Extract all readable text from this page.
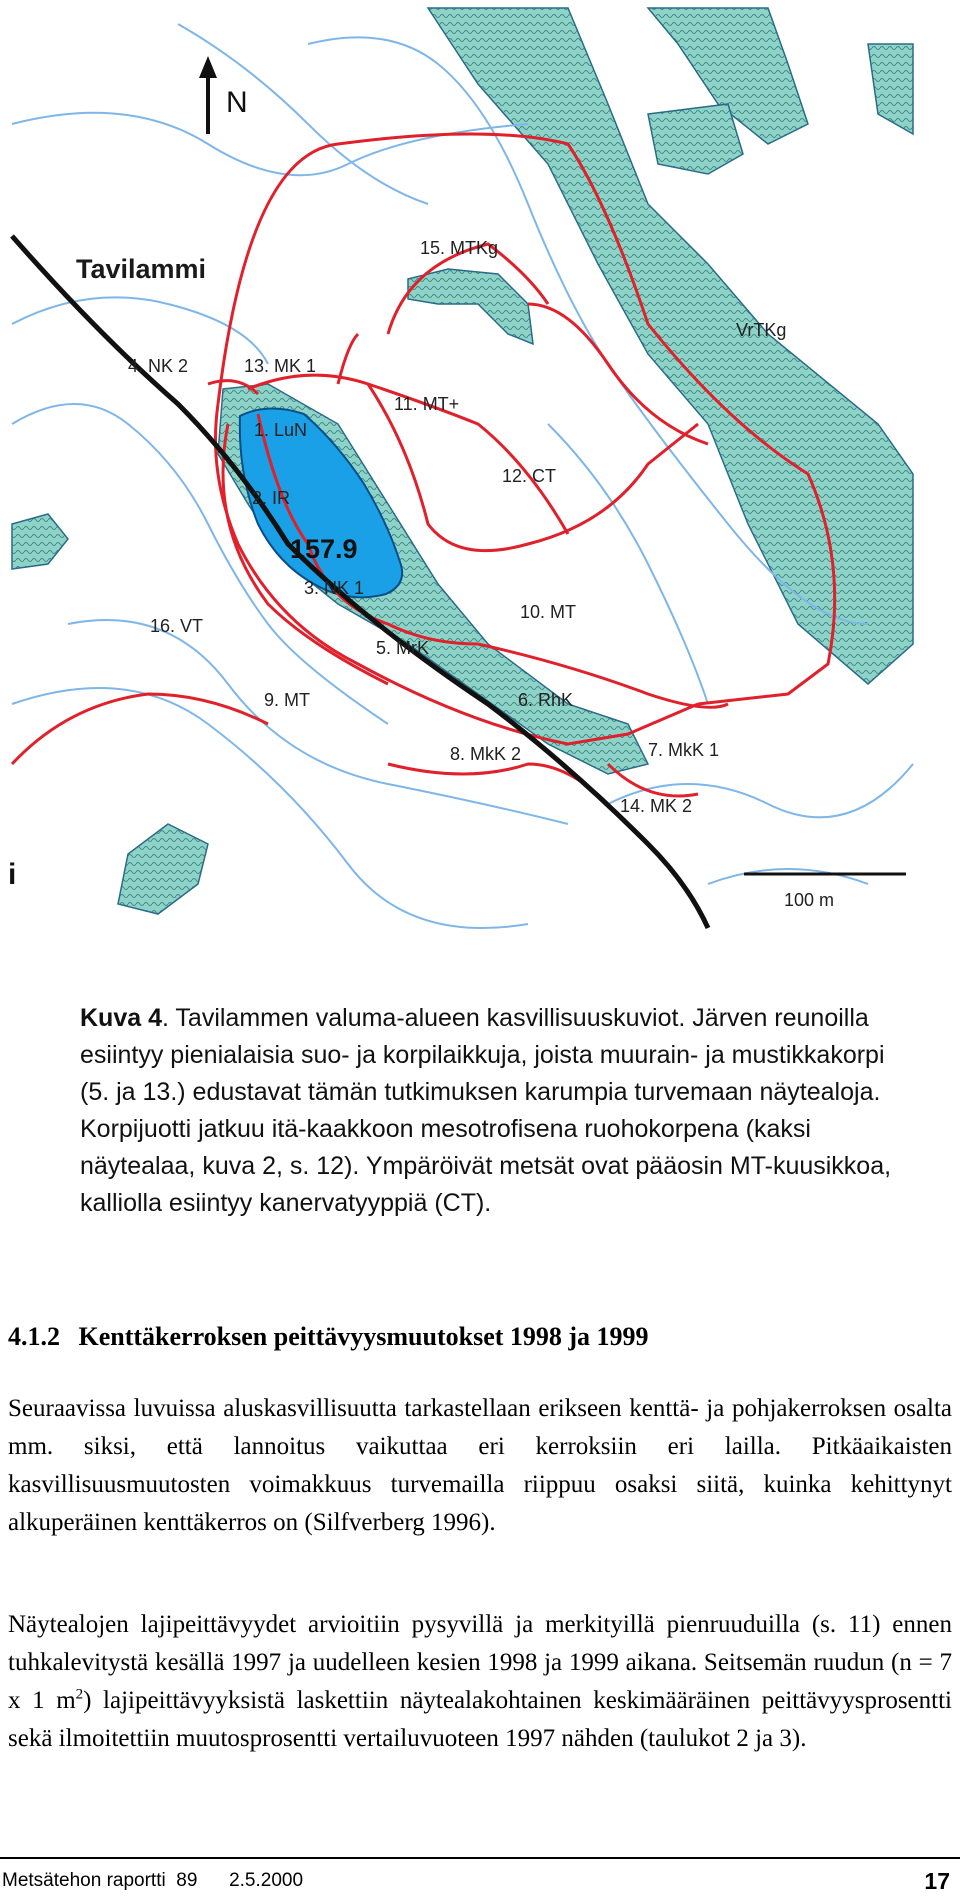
N
Tavilammi
157.9
15. MTKg
VrTKg
4. NK 2	13. MK 1
11. MT+
1. LuN
12. CT
2. IR
3. NK 1
10. MT
16. VT
5. MrK
9. MT	6. RhK
8. MkK 2	7. MkK 1
14. MK 2
100 m
i
Kuva 4. Tavilammen valuma-alueen kasvillisuuskuviot. Järven reunoilla esiintyy pienialaisia suo- ja korpilaikkuja, joista muurain- ja mustikkakorpi (5. ja 13.) edustavat tämän tutkimuksen karumpia turvemaan näytealoja. Korpijuotti jatkuu itä-kaakkoon mesotrofisena ruohokorpena (kaksi näytealaa, kuva 2, s. 12). Ympäröivät metsät ovat pääosin MT-kuusikkoa, kalliolla esiintyy kanervatyyppiä (CT).
4.1.2 Kenttäkerroksen peittävyysmuutokset 1998 ja 1999
Seuraavissa luvuissa aluskasvillisuutta tarkastellaan erikseen kenttä- ja pohjakerroksen osalta mm. siksi, että lannoitus vaikuttaa eri kerroksiin eri lailla. Pitkäaikaisten kasvillisuusmuutosten voimakkuus turvemailla riippuu osaksi siitä, kuinka kehittynyt alkuperäinen kenttäkerros on (Silfverberg 1996).
Näytealojen lajipeittävyydet arvioitiin pysyvillä ja merkityillä pienruuduilla (s. 11) ennen tuhkalevitystä kesällä 1997 ja uudelleen kesien 1998 ja 1999 aikana. Seitsemän ruudun (n = 7 x 1 $m^2$) lajipeittävyyksistä laskettiin näytealakohtainen keskimääräinen peittävyysprosentti sekä ilmoitettiin muutosprosentti vertailuvuoteen 1997 nähden (taulukot 2 ja 3).
Metsätehon raportti  89      2.5.2000	17
